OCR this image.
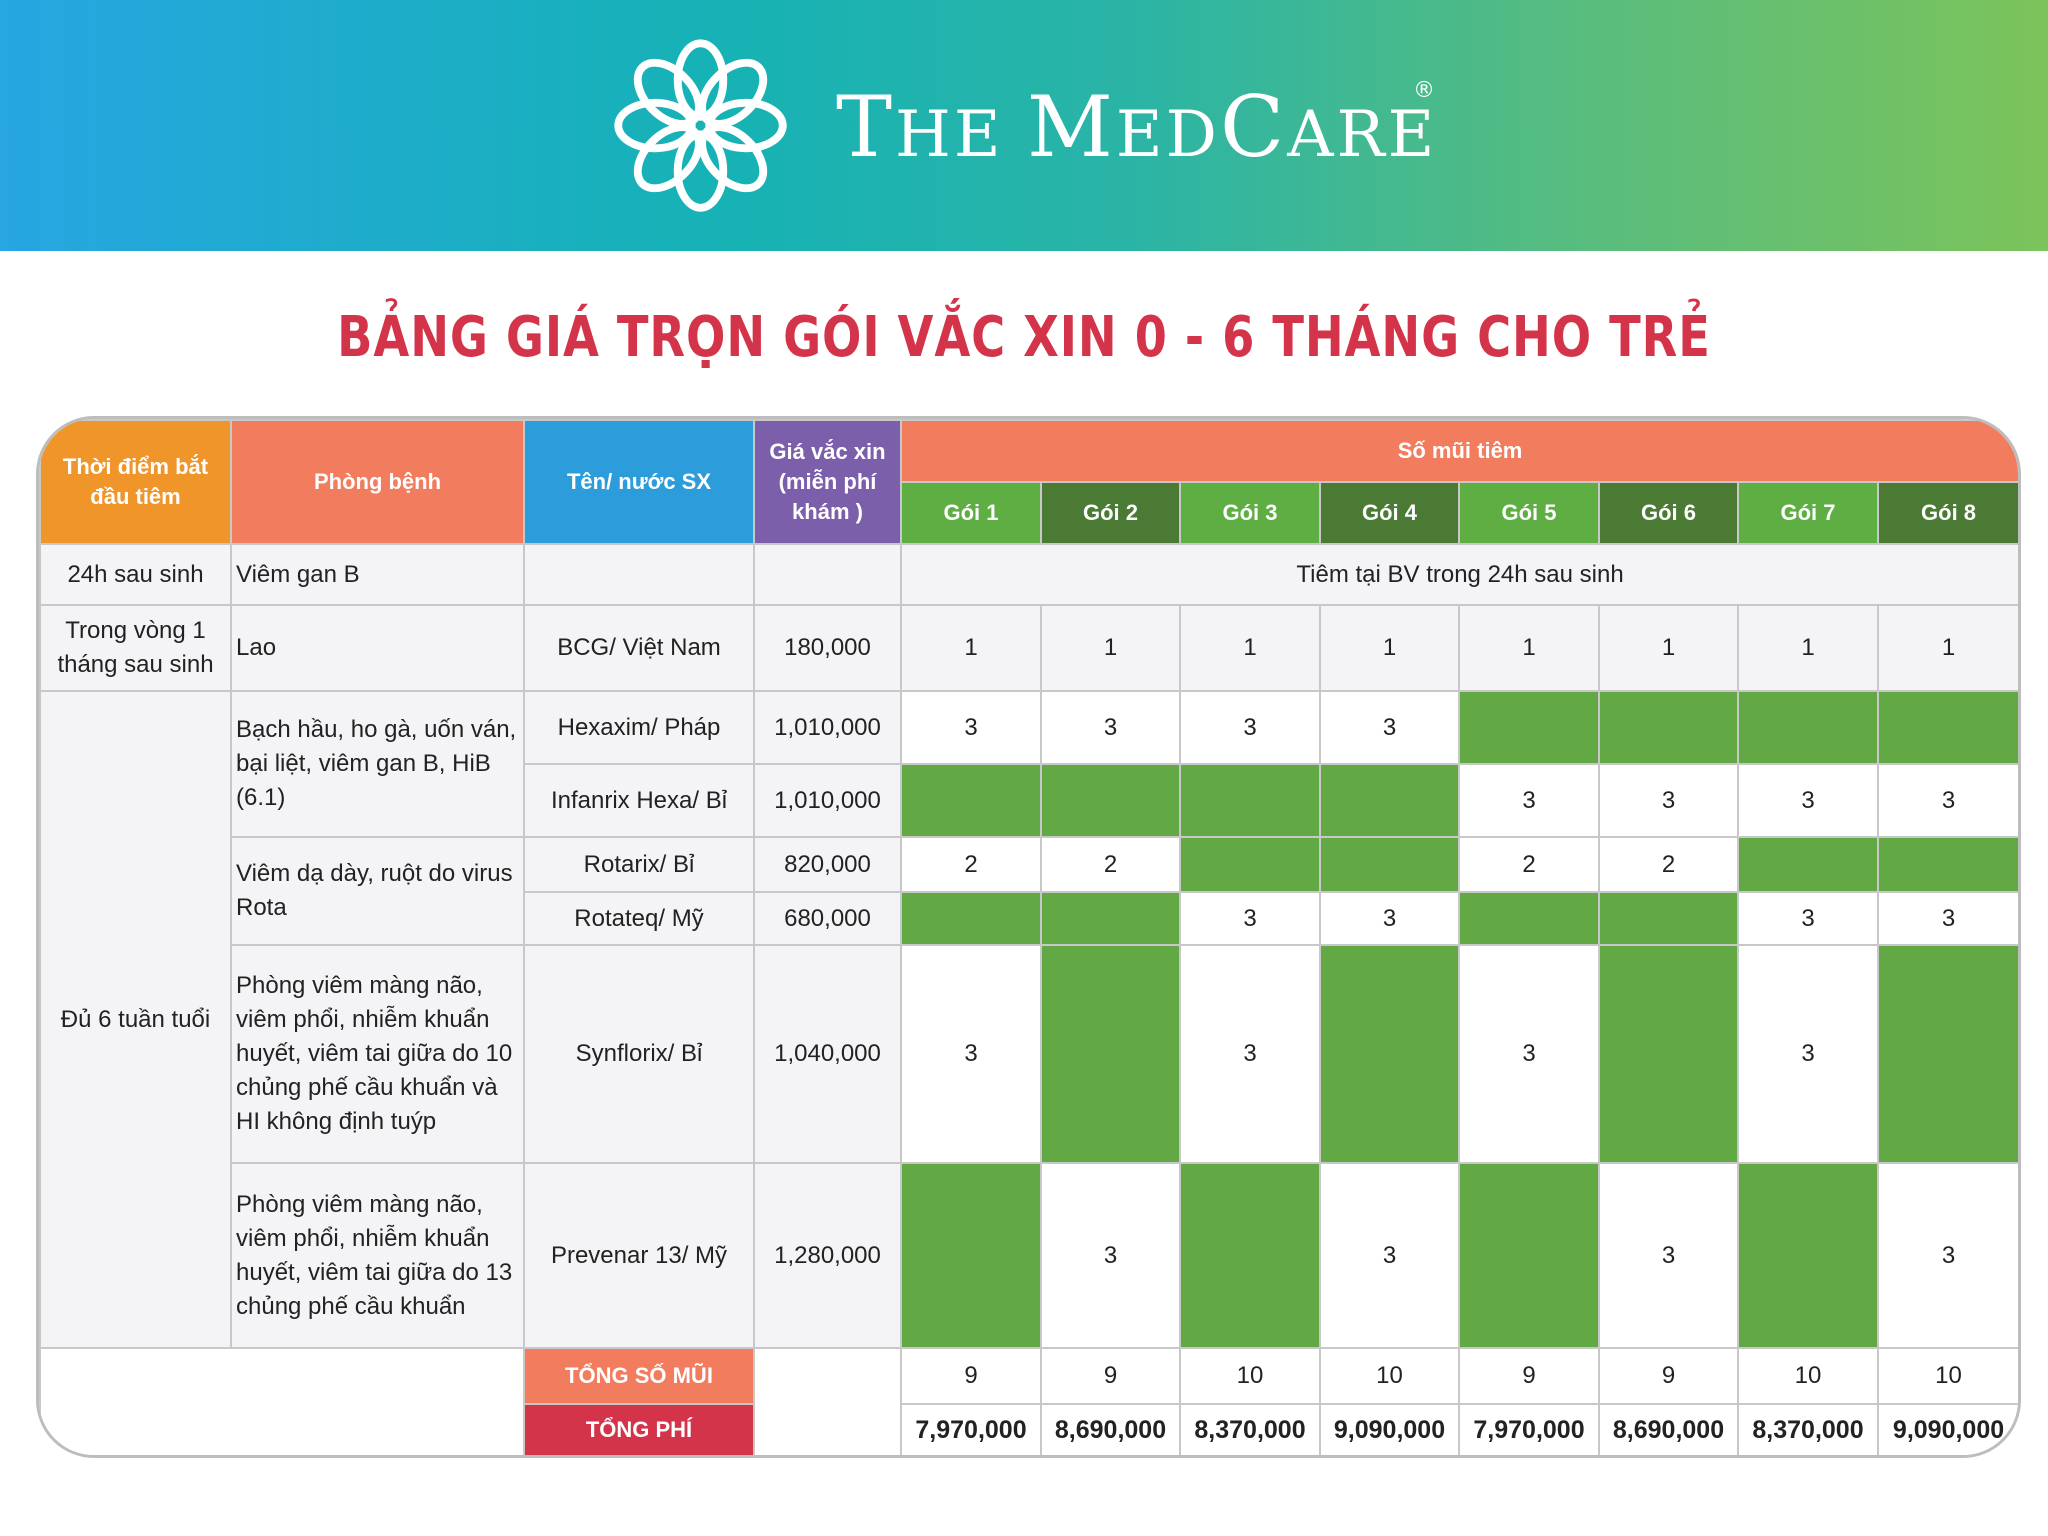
THE MEDCARE
®
BẢNG GIÁ TRỌN GÓI VẮC XIN 0 - 6 THÁNG CHO TRẺ
Thời điểm bắt đầu tiêm	Phòng bệnh	Tên/ nước SX	Giá vắc xin (miễn phí khám )	Số mũi tiêm							
				Gói 1	Gói 2	Gói 3	Gói 4	Gói 5	Gói 6	Gói 7	Gói 8
24h sau sinh	Viêm gan B			Tiêm tại BV trong 24h sau sinh							
Trong vòng 1 tháng sau sinh	Lao	BCG/ Việt Nam	180,000	1	1	1	1	1	1	1	1
Đủ 6 tuần tuổi	Bạch hầu, ho gà, uốn ván, bại liệt, viêm gan B, HiB (6.1)	Hexaxim/ Pháp	1,010,000	3	3	3	3				
		Infanrix Hexa/ Bỉ	1,010,000					3	3	3	3
	Viêm dạ dày, ruột do virus Rota	Rotarix/ Bỉ	820,000	2	2			2	2		
		Rotateq/ Mỹ	680,000			3	3			3	3
	Phòng viêm màng não, viêm phổi, nhiễm khuẩn huyết, viêm tai giữa do 10 chủng phế cầu khuẩn và HI không định tuýp	Synflorix/ Bỉ	1,040,000	3		3		3		3	
	Phòng viêm màng não, viêm phổi, nhiễm khuẩn huyết, viêm tai giữa do 13 chủng phế cầu khuẩn	Prevenar 13/ Mỹ	1,280,000		3		3		3		3
		TỔNG SỐ MŨI		9	9	10	10	9	9	10	10
		TỔNG PHÍ		7,970,000	8,690,000	8,370,000	9,090,000	7,970,000	8,690,000	8,370,000	9,090,000
